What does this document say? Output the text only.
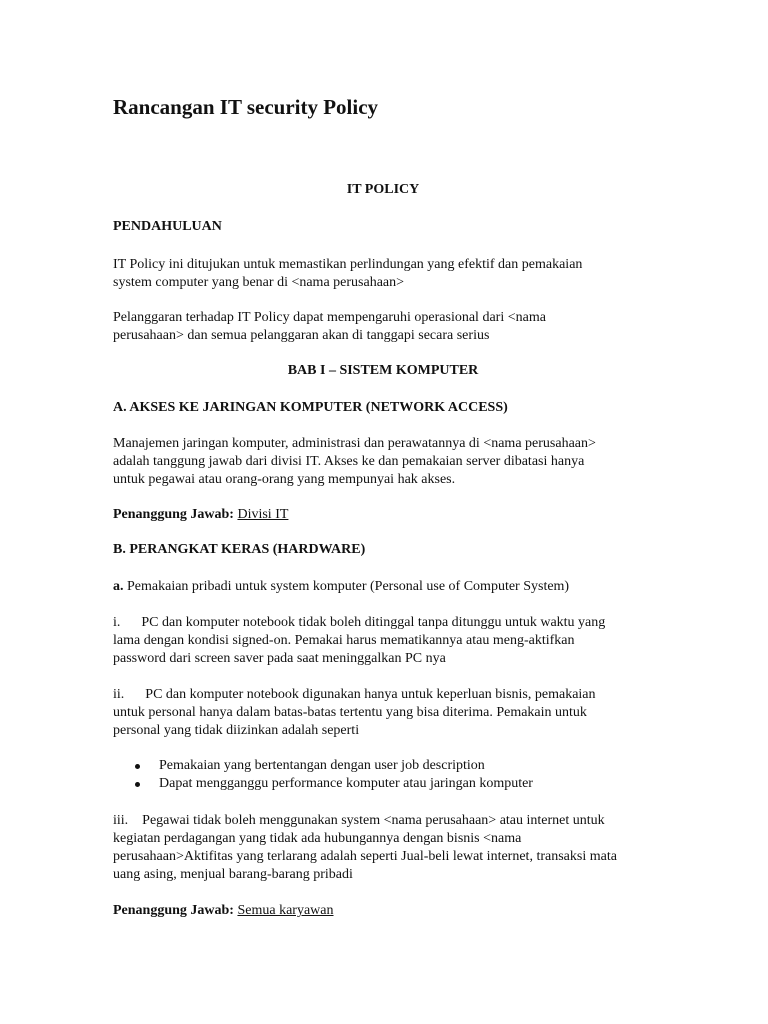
Rancangan IT security Policy
IT POLICY
PENDAHULUAN

IT Policy ini ditujukan untuk memastikan perlindungan yang efektif dan pemakaian
system computer yang benar di <nama perusahaan>

Pelanggaran terhadap IT Policy dapat mempengaruhi operasional dari <nama
perusahaan> dan semua pelanggaran akan di tanggapi secara serius

BAB I – SISTEM KOMPUTER
A. AKSES KE JARINGAN KOMPUTER (NETWORK ACCESS)

Manajemen jaringan komputer, administrasi dan perawatannya di <nama perusahaan>
adalah tanggung jawab dari divisi IT. Akses ke dan pemakaian server dibatasi hanya
untuk pegawai atau orang-orang yang mempunyai hak akses.

Penanggung Jawab: Divisi IT

B. PERANGKAT KERAS (HARDWARE)

a. Pemakaian pribadi untuk system komputer (Personal use of Computer System)

i.      PC dan komputer notebook tidak boleh ditinggal tanpa ditunggu untuk waktu yang
lama dengan kondisi signed-on. Pemakai harus mematikannya atau meng-aktifkan
password dari screen saver pada saat meninggalkan PC nya

ii.      PC dan komputer notebook digunakan hanya untuk keperluan bisnis, pemakaian
untuk personal hanya dalam batas-batas tertentu yang bisa diterima. Pemakain untuk
personal yang tidak diizinkan adalah seperti

Pemakaian yang bertentangan dengan user job description
Dapat mengganggu performance komputer atau jaringan komputer

iii.    Pegawai tidak boleh menggunakan system <nama perusahaan> atau internet untuk
kegiatan perdagangan yang tidak ada hubungannya dengan bisnis <nama
perusahaan>Aktifitas yang terlarang adalah seperti Jual-beli lewat internet, transaksi mata
uang asing, menjual barang-barang pribadi

Penanggung Jawab: Semua karyawan
